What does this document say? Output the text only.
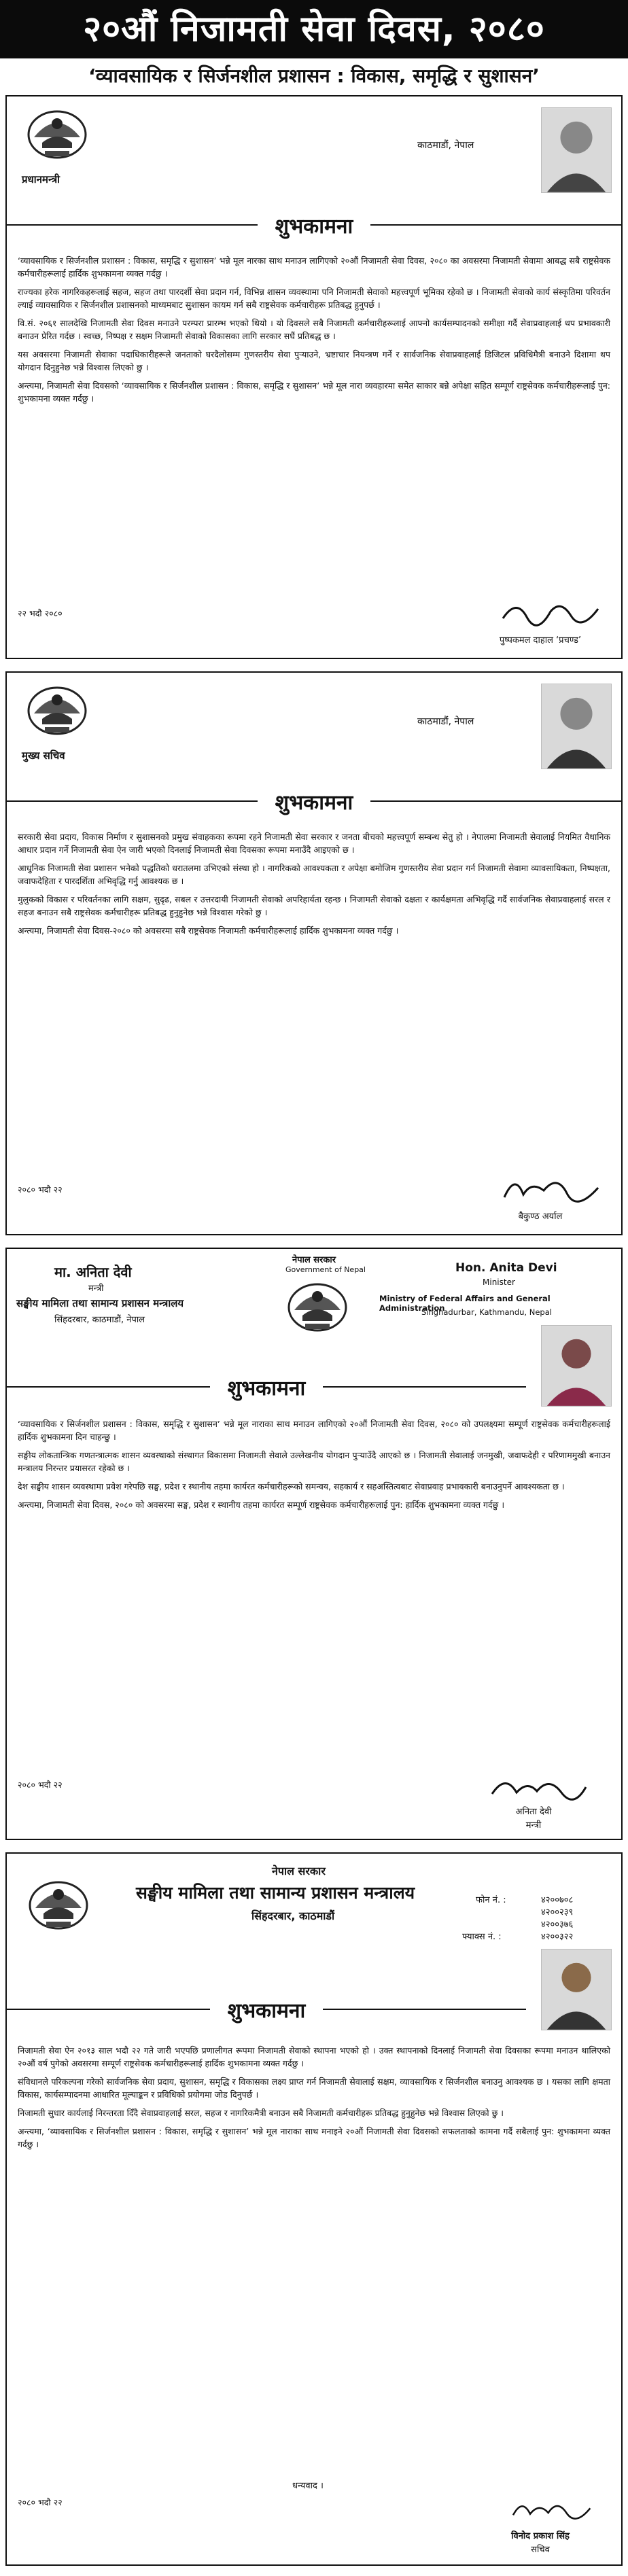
२०औं निजामती सेवा दिवस, २०८०
‘व्यावसायिक र सिर्जनशील प्रशासन : विकास, समृद्धि र सुशासन’
प्रधानमन्त्री
काठमाडौं, नेपाल
शुभकामना

‘व्यावसायिक र सिर्जनशील प्रशासन : विकास, समृद्धि र सुशासन’ भन्ने मूल नारका साथ मनाउन लागिएको २०औं निजामती सेवा दिवस, २०८० का अवसरमा निजामती सेवामा आबद्ध सबै राष्ट्रसेवक कर्मचारीहरूलाई हार्दिक शुभकामना व्यक्त गर्दछु ।

राज्यका हरेक नागरिकहरूलाई सहज, सहज तथा पारदर्शी सेवा प्रदान गर्न, विभिन्न शासन व्यवस्थामा पनि निजामती सेवाको महत्त्वपूर्ण भूमिका रहेको छ । निजामती सेवाको कार्य संस्कृतिमा परिवर्तन ल्याई व्यावसायिक र सिर्जनशील प्रशासनको माध्यमबाट सुशासन कायम गर्न सबै राष्ट्रसेवक कर्मचारीहरू प्रतिबद्ध हुनुपर्छ ।

वि.सं. २०६१ सालदेखि निजामती सेवा दिवस मनाउने परम्परा प्रारम्भ भएको थियो । यो दिवसले सबै निजामती कर्मचारीहरूलाई आफ्नो कार्यसम्पादनको समीक्षा गर्दै सेवाप्रवाहलाई थप प्रभावकारी बनाउन प्रेरित गर्दछ । स्वच्छ, निष्पक्ष र सक्षम निजामती सेवाको विकासका लागि सरकार सधैं प्रतिबद्ध छ ।

यस अवसरमा निजामती सेवाका पदाधिकारीहरूले जनताको घरदैलोसम्म गुणस्तरीय सेवा पुर्‍याउने, भ्रष्टाचार नियन्त्रण गर्ने र सार्वजनिक सेवाप्रवाहलाई डिजिटल प्रविधिमैत्री बनाउने दिशामा थप योगदान दिनुहुनेछ भन्ने विश्वास लिएको छु ।

अन्त्यमा, निजामती सेवा दिवसको ‘व्यावसायिक र सिर्जनशील प्रशासन : विकास, समृद्धि र सुशासन’ भन्ने मूल नारा व्यवहारमा समेत साकार बन्ने अपेक्षा सहित सम्पूर्ण राष्ट्रसेवक कर्मचारीहरूलाई पुन: शुभकामना व्यक्त गर्दछु ।

२२ भदौ २०८०
पुष्पकमल दाहाल ‘प्रचण्ड’
मुख्य सचिव
काठमाडौं, नेपाल
शुभकामना

सरकारी सेवा प्रदाय, विकास निर्माण र सुशासनको प्रमुख संवाहकका रूपमा रहने निजामती सेवा सरकार र जनता बीचको महत्त्वपूर्ण सम्बन्ध सेतु हो । नेपालमा निजामती सेवालाई नियमित वैधानिक आधार प्रदान गर्ने निजामती सेवा ऐन जारी भएको दिनलाई निजामती सेवा दिवसका रूपमा मनाउँदै आइएको छ ।

आधुनिक निजामती सेवा प्रशासन भनेको पद्धतिको धरातलमा उभिएको संस्था हो । नागरिकको आवश्यकता र अपेक्षा बमोजिम गुणस्तरीय सेवा प्रदान गर्न निजामती सेवामा व्यावसायिकता, निष्पक्षता, जवाफदेहिता र पारदर्शिता अभिवृद्धि गर्नु आवश्यक छ ।

मुलुकको विकास र परिवर्तनका लागि सक्षम, सुदृढ, सबल र उत्तरदायी निजामती सेवाको अपरिहार्यता रहन्छ । निजामती सेवाको दक्षता र कार्यक्षमता अभिवृद्धि गर्दै सार्वजनिक सेवाप्रवाहलाई सरल र सहज बनाउन सबै राष्ट्रसेवक कर्मचारीहरू प्रतिबद्ध हुनुहुनेछ भन्ने विश्वास गरेको छु ।

अन्त्यमा, निजामती सेवा दिवस-२०८० को अवसरमा सबै राष्ट्रसेवक निजामती कर्मचारीहरूलाई हार्दिक शुभकामना व्यक्त गर्दछु ।

२०८० भदौ २२
बैकुण्ठ अर्याल
मा. अनिता देवी
मन्त्री
सङ्घीय मामिला तथा सामान्य प्रशासन मन्त्रालय
सिंहदरबार, काठमाडौं, नेपाल
नेपाल सरकार
Government of Nepal	Hon. Anita Devi
Minister
Ministry of Federal Affairs and General Administration
Singhadurbar, Kathmandu, Nepal
शुभकामना

‘व्यावसायिक र सिर्जनशील प्रशासन : विकास, समृद्धि र सुशासन’ भन्ने मूल नाराका साथ मनाउन लागिएको २०औं निजामती सेवा दिवस, २०८० को उपलक्ष्यमा सम्पूर्ण राष्ट्रसेवक कर्मचारीहरूलाई हार्दिक शुभकामना दिन चाहन्छु ।

सङ्घीय लोकतान्त्रिक गणतन्त्रात्मक शासन व्यवस्थाको संस्थागत विकासमा निजामती सेवाले उल्लेखनीय योगदान पुर्‍याउँदै आएको छ । निजामती सेवालाई जनमुखी, जवाफदेही र परिणाममुखी बनाउन मन्त्रालय निरन्तर प्रयासरत रहेको छ ।

देश सङ्घीय शासन व्यवस्थामा प्रवेश गरेपछि सङ्घ, प्रदेश र स्थानीय तहमा कार्यरत कर्मचारीहरूको समन्वय, सहकार्य र सहअस्तित्वबाट सेवाप्रवाह प्रभावकारी बनाउनुपर्ने आवश्यकता छ ।

अन्त्यमा, निजामती सेवा दिवस, २०८० को अवसरमा सङ्घ, प्रदेश र स्थानीय तहमा कार्यरत सम्पूर्ण राष्ट्रसेवक कर्मचारीहरूलाई पुन: हार्दिक शुभकामना व्यक्त गर्दछु ।

२०८० भदौ २२
अनिता देवी
मन्त्री
नेपाल सरकार
सङ्घीय मामिला तथा सामान्य प्रशासन मन्त्रालय
सिंहदरबार, काठमाडौं
फोन नं. :	४२००७०८
४२००२३९
४२००३७६
फ्याक्स नं. :	४२००३२२
शुभकामना

निजामती सेवा ऐन २०१३ साल भदौ २२ गते जारी भएपछि प्रणालीगत रूपमा निजामती सेवाको स्थापना भएको हो । उक्त स्थापनाको दिनलाई निजामती सेवा दिवसका रूपमा मनाउन थालिएको २०औं वर्ष पुगेको अवसरमा सम्पूर्ण राष्ट्रसेवक कर्मचारीहरूलाई हार्दिक शुभकामना व्यक्त गर्दछु ।

संविधानले परिकल्पना गरेको सार्वजनिक सेवा प्रदाय, सुशासन, समृद्धि र विकासका लक्ष्य प्राप्त गर्न निजामती सेवालाई सक्षम, व्यावसायिक र सिर्जनशील बनाउनु आवश्यक छ । यसका लागि क्षमता विकास, कार्यसम्पादनमा आधारित मूल्याङ्कन र प्रविधिको प्रयोगमा जोड दिनुपर्छ ।

निजामती सुधार कार्यलाई निरन्तरता दिँदै सेवाप्रवाहलाई सरल, सहज र नागरिकमैत्री बनाउन सबै निजामती कर्मचारीहरू प्रतिबद्ध हुनुहुनेछ भन्ने विश्वास लिएको छु ।

अन्त्यमा, ‘व्यावसायिक र सिर्जनशील प्रशासन : विकास, समृद्धि र सुशासन’ भन्ने मूल नाराका साथ मनाइने २०औं निजामती सेवा दिवसको सफलताको कामना गर्दै सबैलाई पुन: शुभकामना व्यक्त गर्दछु ।

धन्यवाद ।
२०८० भदौ २२
विनोद प्रकाश सिंह
सचिव
